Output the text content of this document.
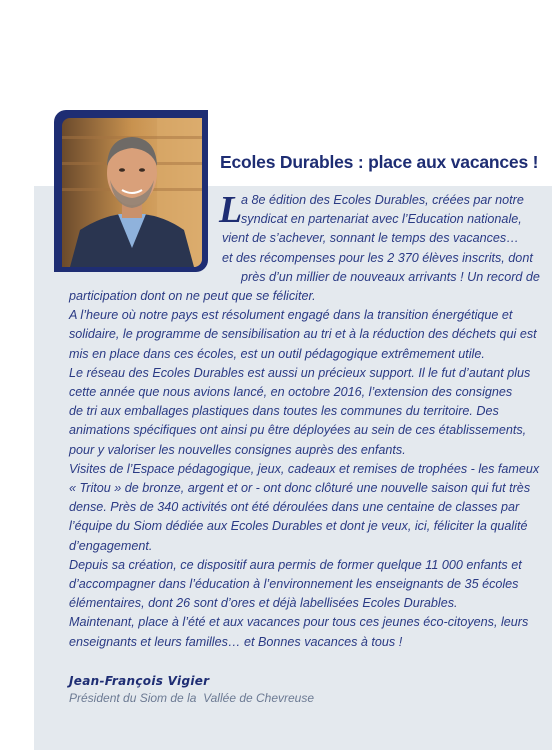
Ecoles Durables : place aux vacances !
L
a 8e édition des Ecoles Durables, créées par notre
syndicat en partenariat avec l’Education nationale,
vient de s’achever, sonnant le temps des vacances…
et des récompenses pour les 2 370 élèves inscrits, dont
près d’un millier de nouveaux arrivants ! Un record de
participation dont on ne peut que se féliciter.
A l’heure où notre pays est résolument engagé dans la transition énergétique et
solidaire, le programme de sensibilisation au tri et à la réduction des déchets qui est
mis en place dans ces écoles, est un outil pédagogique extrêmement utile.
Le réseau des Ecoles Durables est aussi un précieux support. Il le fut d’autant plus
cette année que nous avions lancé, en octobre 2016, l’extension des consignes
de tri aux emballages plastiques dans toutes les communes du territoire. Des
animations spécifiques ont ainsi pu être déployées au sein de ces établissements,
pour y valoriser les nouvelles consignes auprès des enfants.
Visites de l’Espace pédagogique, jeux, cadeaux et remises de trophées - les fameux
« Tritou » de bronze, argent et or - ont donc clôturé une nouvelle saison qui fut très
dense. Près de 340 activités ont été déroulées dans une centaine de classes par
l’équipe du Siom dédiée aux Ecoles Durables et dont je veux, ici, féliciter la qualité
d’engagement.
Depuis sa création, ce dispositif aura permis de former quelque 11 000 enfants et
d’accompagner dans l’éducation à l’environnement les enseignants de 35 écoles
élémentaires, dont 26 sont d’ores et déjà labellisées Ecoles Durables.
Maintenant, place à l’été et aux vacances pour tous ces jeunes éco-citoyens, leurs
enseignants et leurs familles… et Bonnes vacances à tous !
Jean-François Vigier
Président du Siom de la  Vallée de Chevreuse
